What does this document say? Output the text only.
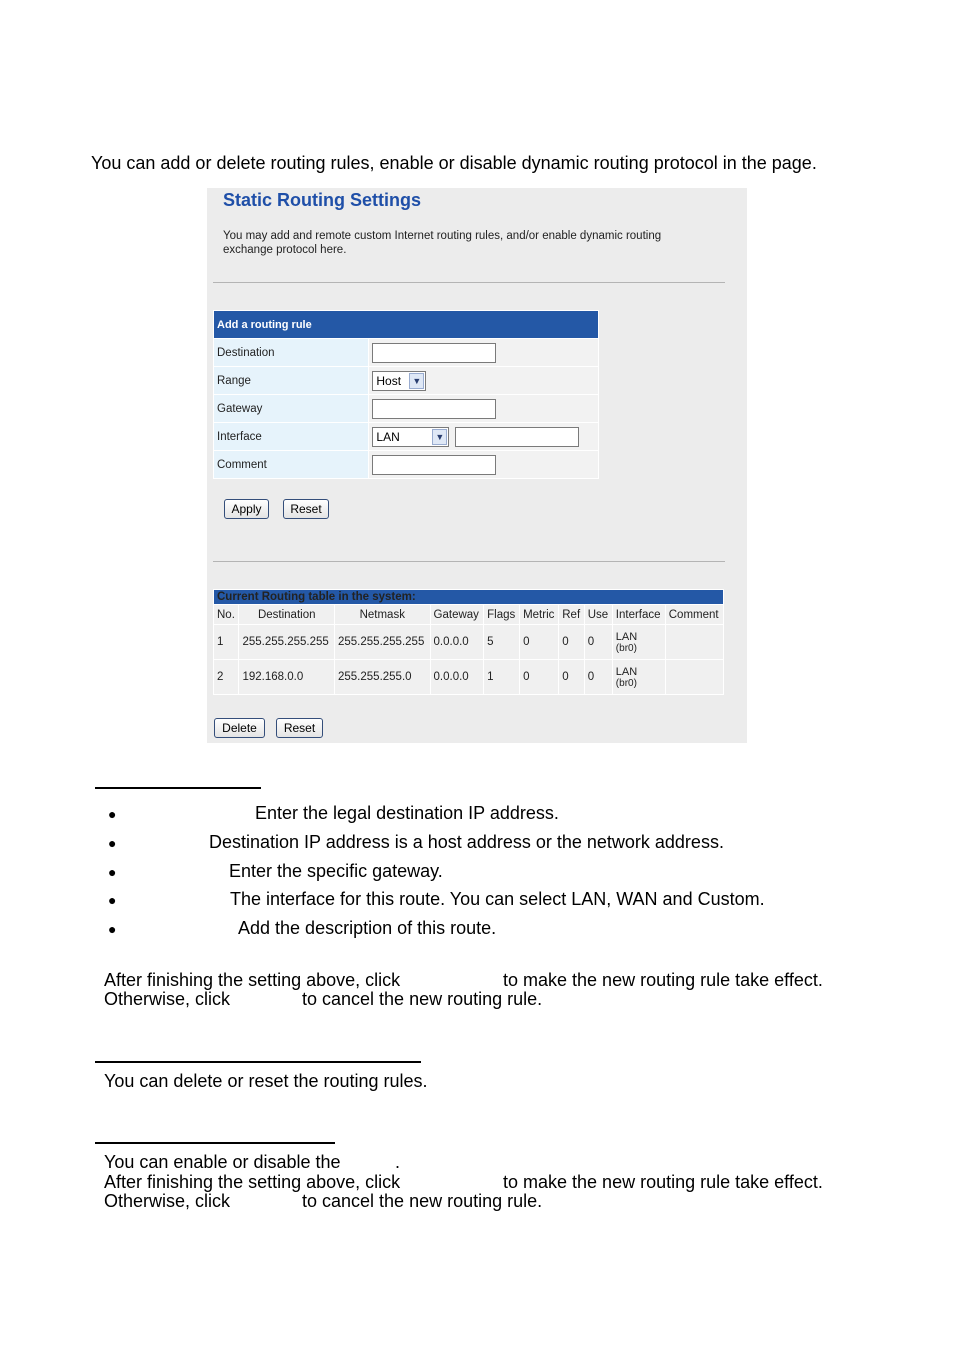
You can add or delete routing rules, enable or disable dynamic routing protocol in the page.
Static Routing Settings
You may add and remote custom Internet routing rules, and/or enable dynamic routing exchange protocol here.
Add a routing rule	
Destination	
Range	Host ▼

Gateway	
Interface	LAN ▼

Comment	
Apply	Reset
Current Routing table in the system:									
No.	Destination	Netmask	Gateway	Flags	Metric	Ref	Use	Interface	Comment
1	255.255.255.255	255.255.255.255	0.0.0.0	5	0	0	0	LAN
(br0)	

2	192.168.0.0	255.255.255.0	0.0.0.0	1	0	0	0	LAN
(br0)	

Delete	Reset
●	Enter the legal destination IP address.
●	Destination IP address is a host address or the network address.
●	Enter the specific gateway.
●	The interface for this route. You can select LAN, WAN and Custom.
●	Add the description of this route.
After finishing the setting above, click	to make the new routing rule take effect.
Otherwise, click	to cancel the new routing rule.
You can delete or reset the routing rules.
You can enable or disable the	.
After finishing the setting above, click	to make the new routing rule take effect.
Otherwise, click	to cancel the new routing rule.
